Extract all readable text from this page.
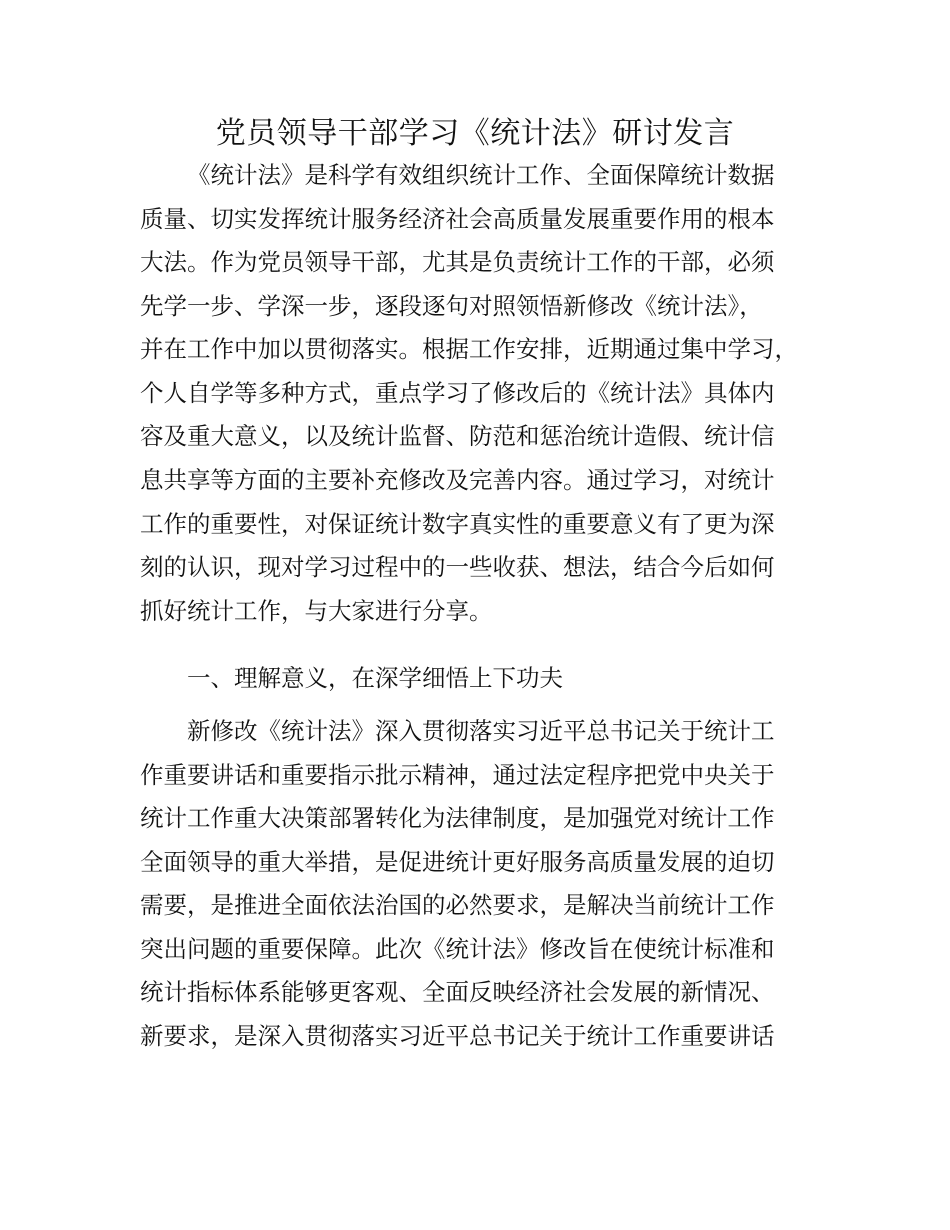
党员领导干部学习《统计法》研讨发言
《统计法》是科学有效组织统计工作、全面保障统计数据
质量、切实发挥统计服务经济社会高质量发展重要作用的根本
大法。作为党员领导干部，尤其是负责统计工作的干部，必须
先学一步、学深一步，逐段逐句对照领悟新修改《统计法》，
并在工作中加以贯彻落实。根据工作安排，近期通过集中学习，
个人自学等多种方式，重点学习了修改后的《统计法》具体内
容及重大意义，以及统计监督、防范和惩治统计造假、统计信
息共享等方面的主要补充修改及完善内容。通过学习，对统计
工作的重要性，对保证统计数字真实性的重要意义有了更为深
刻的认识，现对学习过程中的一些收获、想法，结合今后如何
抓好统计工作，与大家进行分享。
一、理解意义，在深学细悟上下功夫
新修改《统计法》深入贯彻落实习近平总书记关于统计工
作重要讲话和重要指示批示精神，通过法定程序把党中央关于
统计工作重大决策部署转化为法律制度，是加强党对统计工作
全面领导的重大举措，是促进统计更好服务高质量发展的迫切
需要，是推进全面依法治国的必然要求，是解决当前统计工作
突出问题的重要保障。此次《统计法》修改旨在使统计标准和
统计指标体系能够更客观、全面反映经济社会发展的新情况、
新要求，是深入贯彻落实习近平总书记关于统计工作重要讲话
